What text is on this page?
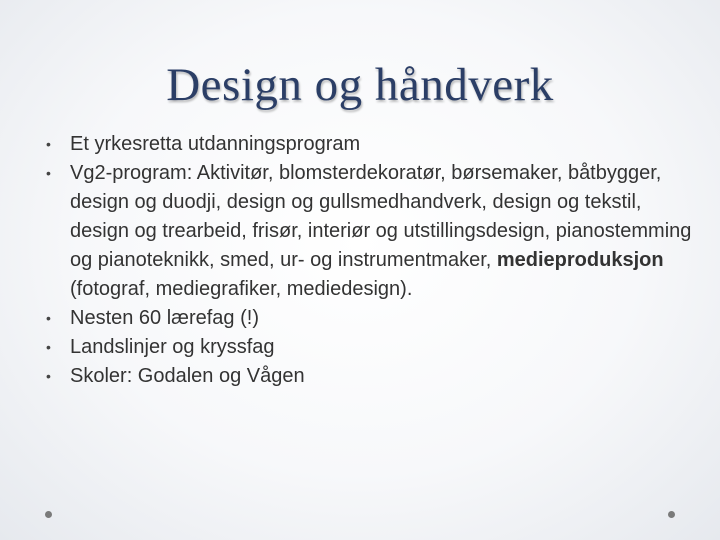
Design og håndverk
• Et yrkesretta utdanningsprogram
• Vg2-program: Aktivitør, blomsterdekoratør, børsemaker, båtbygger, design og duodji, design og gullsmedhandverk, design og tekstil, design og trearbeid, frisør, interiør og utstillingsdesign, pianostemming og pianoteknikk, smed, ur- og instrumentmaker, medieproduksjon (fotograf, mediegrafiker, mediedesign).
• Nesten 60 lærefag (!)
• Landslinjer og kryssfag
• Skoler: Godalen og Vågen
